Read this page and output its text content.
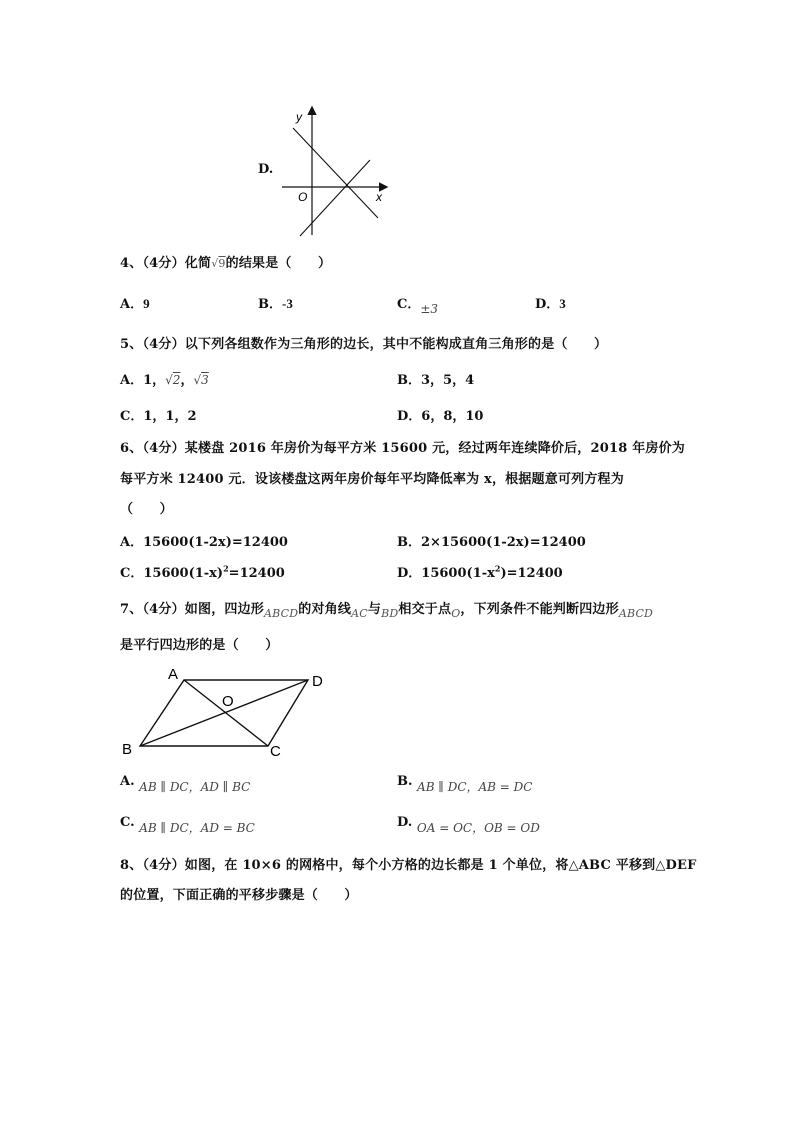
D.
y
x
O
4、（4分）化简√9的结果是（　　）
A．9	B．-3	C．±3	D．3
5、（4分）以下列各组数作为三角形的边长，其中不能构成直角三角形的是（　　）
A．1，√2，√3	B．3，5，4
C．1，1，2	D．6，8，10
6、（4分）某楼盘 2016 年房价为每平方米 15600 元，经过两年连续降价后，2018 年房价为
每平方米 12400 元．设该楼盘这两年房价每年平均降低率为 x，根据题意可列方程为
（　　）
A．15600(1-2x)=12400	B．2×15600(1-2x)=12400
C．$15600(1-x)^2=12400$	D．$15600(1-x^2)=12400$
7、（4分）如图，四边形$_{ABCD}$的对角线$_{AC}$与$_{BD}$相交于点$_O$，下列条件不能判断四边形$_{ABCD}$
是平行四边形的是（　　）
A	D
B	C
O
A. AB ∥ DC，AD ∥ BC	B. AB ∥ DC，AB = DC
C. AB ∥ DC，AD = BC	D. OA = OC，OB = OD
8、（4分）如图，在 10×6 的网格中，每个小方格的边长都是 1 个单位，将△ABC 平移到△DEF
的位置，下面正确的平移步骤是（　　）
